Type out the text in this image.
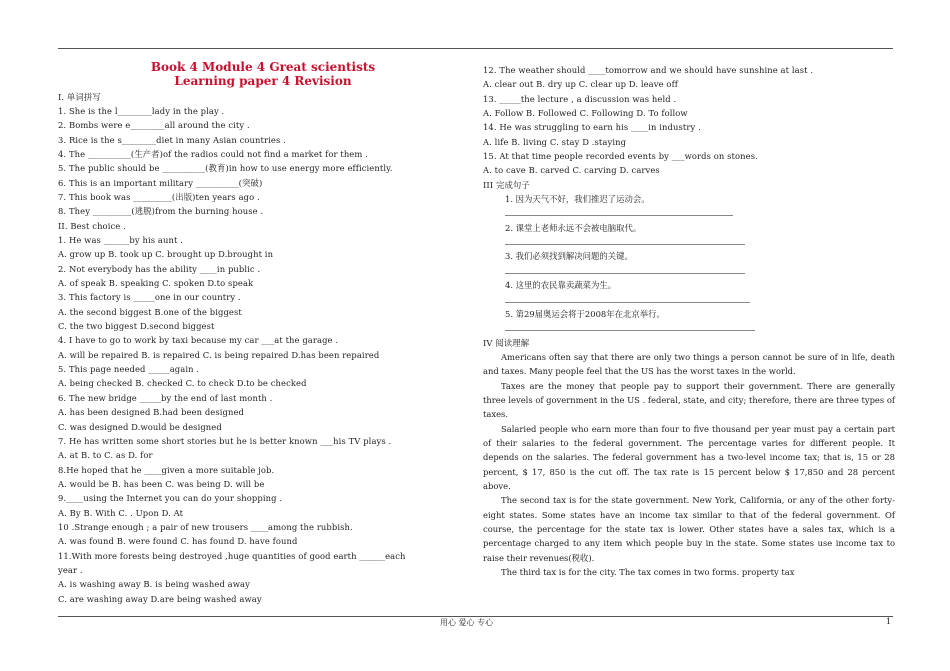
Book 4 Module 4 Great scientists
Learning paper 4 Revision
I. 单词拼写
1. She is the l________lady in the play .
2. Bombs were e________all around the city .
3. Rice is the s________diet in many Asian countries .
4. The __________(生产者)of the radios could not find a market for them .
5. The public should be __________(教育)in how to use energy more efficiently.
6. This is an important military __________(突破)
7. This book was _________(出版)ten years ago .
8. They _________(逃脱)from the burning house .
II. Best choice .
1. He was ______by his aunt .
A. grow up B. took up C. brought up D.brought in
2. Not everybody has the ability ____in public .
A. of speak B. speaking C. spoken D.to speak
3. This factory is _____one in our country .
A. the second biggest B.one of the biggest
C. the two biggest D.second biggest
4. I have to go to work by taxi because my car ___at the garage .
A. will be repaired B. is repaired C. is being repaired D.has been repaired
5. This page needed _____again .
A. being checked B. checked C. to check D.to be checked
6. The new bridge _____by the end of last month .
A. has been designed B.had been designed
C. was designed D.would be designed
7. He has written some short stories but he is better known ___his TV plays .
A. at B. to C. as D. for
8.He hoped that he ____given a more suitable job.
A. would be B. has been C. was being D. will be
9.____using the Internet you can do your shopping .
A. By B. With C. . Upon D. At
10 .Strange enough ; a pair of new trousers ____among the rubbish.
A. was found B. were found C. has found D. have found
11.With more forests being destroyed ,huge quantities of good earth ______each
year .
A. is washing away B. is being washed away
C. are washing away D.are being washed away
12. The weather should ____tomorrow and we should have sunshine at last .
A. clear out B. dry up C. clear up D. leave off
13. _____the lecture , a discussion was held .
A. Follow B. Followed C. Following D. To follow
14. He was struggling to earn his ____in industry .
A. life B. living C. stay D .staying
15. At that time people recorded events by ___words on stones.
A. to cave B. carved C. carving D. carves
III 完成句子
1. 因为天气不好，我们推迟了运动会。
2. 课堂上老师永远不会被电脑取代。
3. 我们必须找到解决问题的关键。
4. 这里的农民靠卖蔬菜为生。
5. 第29届奥运会将于2008年在北京举行。
IV 阅读理解
Americans often say that there are only two things a person cannot be sure of in life, death and taxes. Many people feel that the US has the worst taxes in the world.
Taxes are the money that people pay to support their government. There are generally three levels of government in the US . federal, state, and city; therefore, there are three types of taxes.
Salaried people who earn more than four to five thousand per year must pay a certain part of their salaries to the federal government. The percentage varies for different people. It depends on the salaries. The federal government has a two-level income tax; that is, 15 or 28 percent, $ 17, 850 is the cut off. The tax rate is 15 percent below $ 17,850 and 28 percent above.
The second tax is for the state government. New York, California, or any of the other forty-eight states. Some states have an income tax similar to that of the federal government. Of course, the percentage for the state tax is lower. Other states have a sales tax, which is a percentage charged to any item which people buy in the state. Some states use income tax to raise their revenues(税收).
The third tax is for the city. The tax comes in two forms. property tax
用心 爱心 专心	1
